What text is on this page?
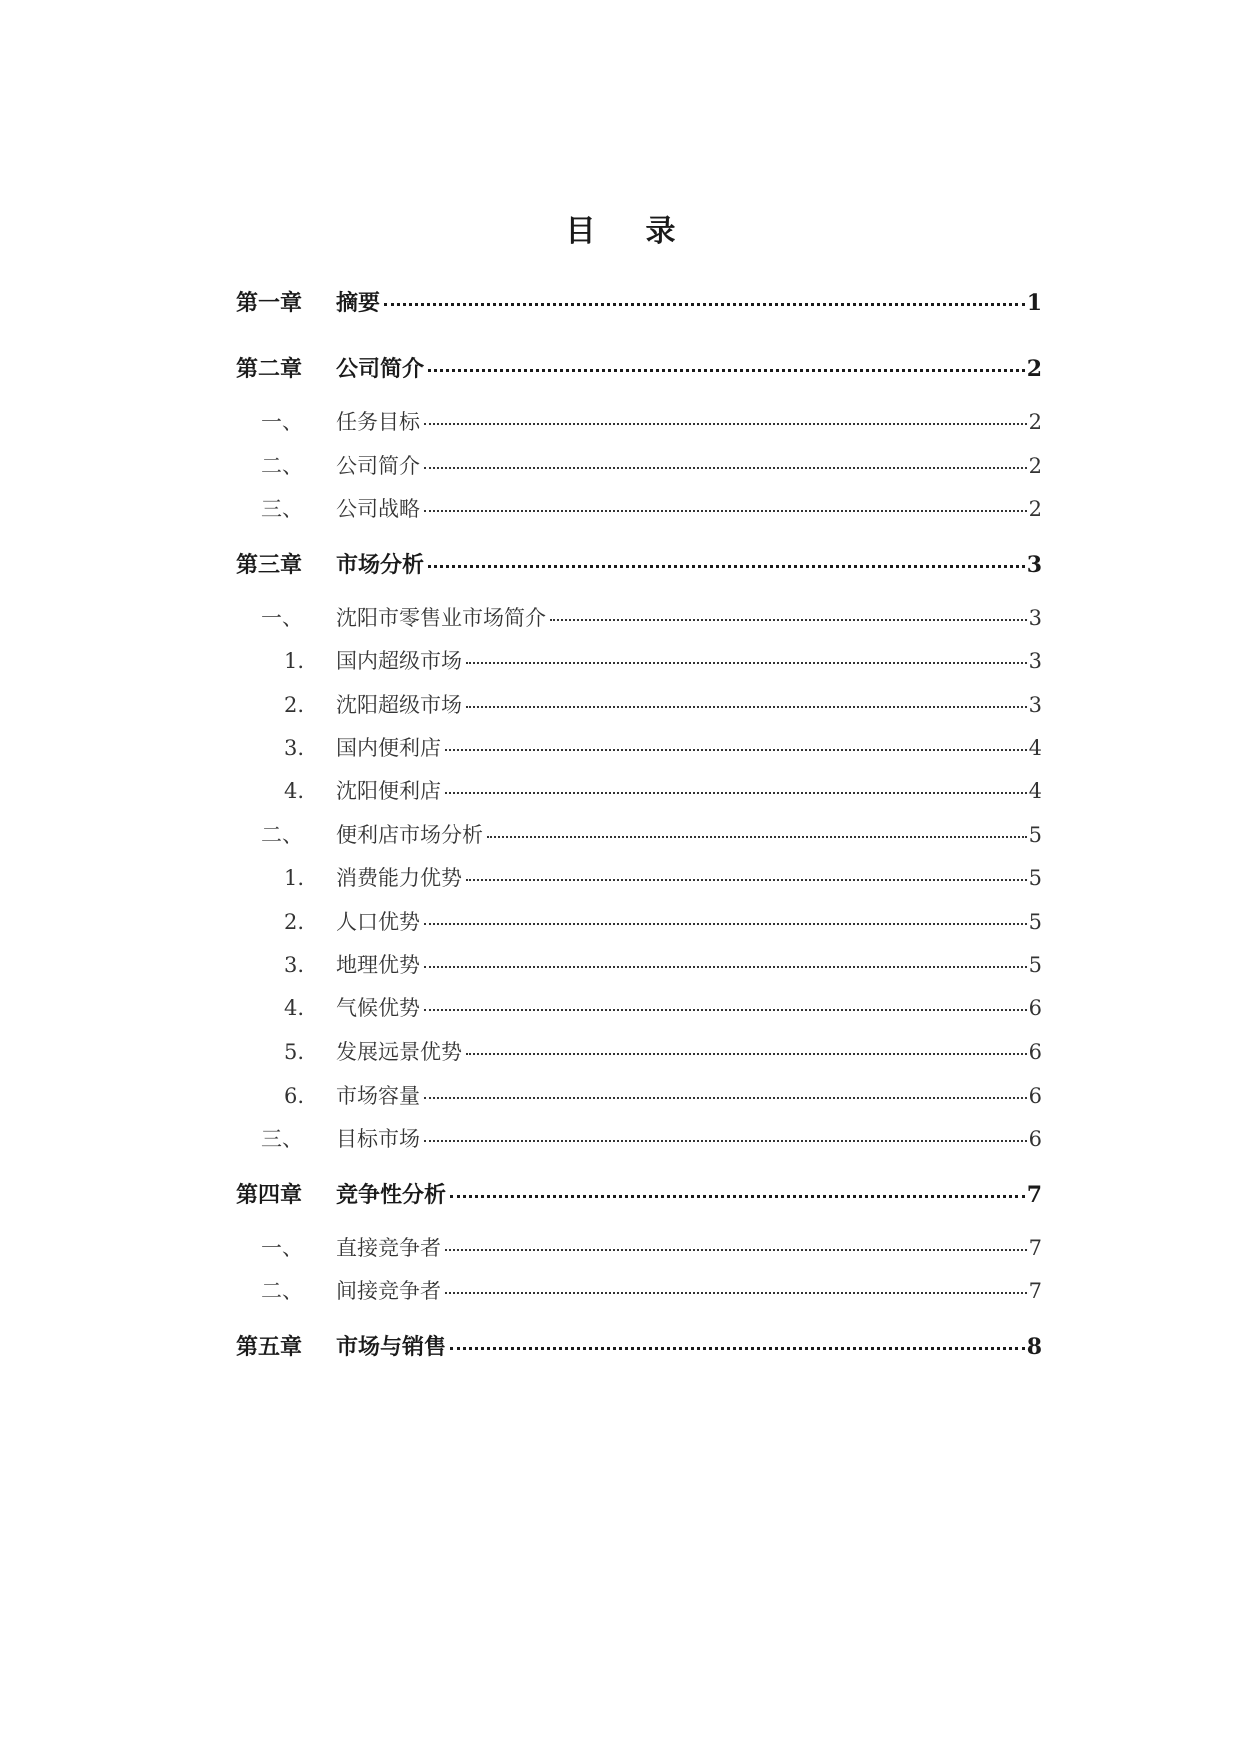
目 录
第一章	摘要	1
第二章	公司简介	2
一、	任务目标	2
二、	公司简介	2
三、	公司战略	2
第三章	市场分析	3
一、	沈阳市零售业市场简介	3
1.	国内超级市场	3
2.	沈阳超级市场	3
3.	国内便利店	4
4.	沈阳便利店	4
二、	便利店市场分析	5
1.	消费能力优势	5
2.	人口优势	5
3.	地理优势	5
4.	气候优势	6
5.	发展远景优势	6
6.	市场容量	6
三、	目标市场	6
第四章	竞争性分析	7
一、	直接竞争者	7
二、	间接竞争者	7
第五章	市场与销售	8
